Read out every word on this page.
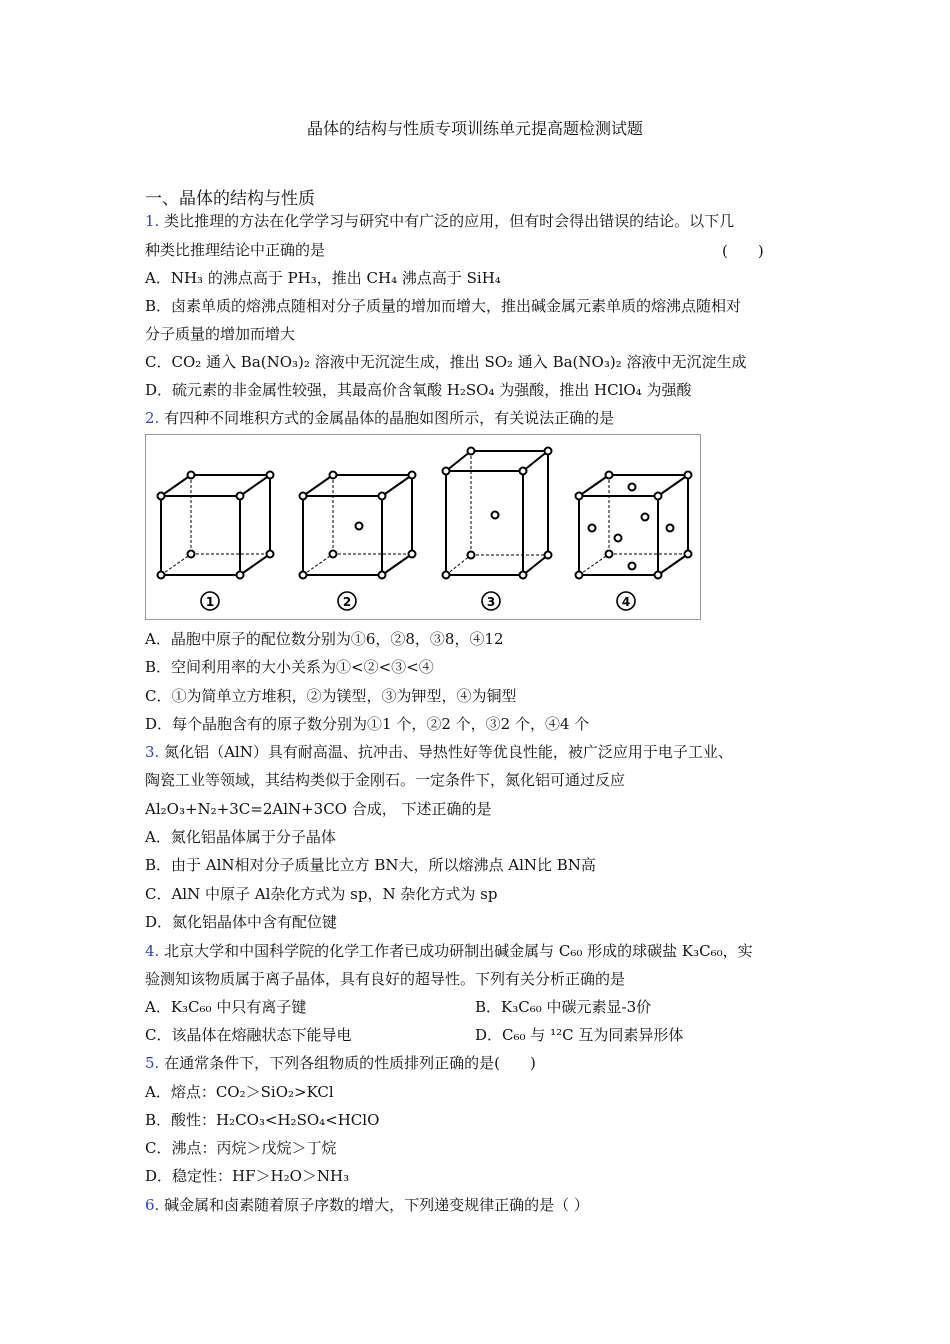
晶体的结构与性质专项训练单元提高题检测试题
一、晶体的结构与性质
1. 类比推理的方法在化学学习与研究中有广泛的应用，但有时会得出错误的结论。以下几
种类比推理结论中正确的是	(　　)
A．NH₃ 的沸点高于 PH₃，推出 CH₄ 沸点高于 SiH₄
B．卤素单质的熔沸点随相对分子质量的增加而增大，推出碱金属元素单质的熔沸点随相对
分子质量的增加而增大
C．CO₂ 通入 Ba(NO₃)₂ 溶液中无沉淀生成，推出 SO₂ 通入 Ba(NO₃)₂ 溶液中无沉淀生成
D．硫元素的非金属性较强，其最高价含氧酸 H₂SO₄ 为强酸，推出 HClO₄ 为强酸
2. 有四种不同堆积方式的金属晶体的晶胞如图所示，有关说法正确的是
1	2	3	4
A．晶胞中原子的配位数分别为①6，②8，③8，④12
B．空间利用率的大小关系为①<②<③<④
C．①为简单立方堆积，②为镁型，③为钾型，④为铜型
D．每个晶胞含有的原子数分别为①1 个，②2 个，③2 个，④4 个
3. 氮化铝（AlN）具有耐高温、抗冲击、导热性好等优良性能，被广泛应用于电子工业、
陶瓷工业等领域，其结构类似于金刚石。一定条件下，氮化铝可通过反应
Al₂O₃+N₂+3C=2AlN+3CO 合成， 下述正确的是
A．氮化铝晶体属于分子晶体
B．由于 AlN相对分子质量比立方 BN大，所以熔沸点 AlN比 BN高
C．AlN 中原子 Al杂化方式为 sp，N 杂化方式为 sp
D．氮化铝晶体中含有配位键
4. 北京大学和中国科学院的化学工作者已成功研制出碱金属与 C₆₀ 形成的球碳盐 K₃C₆₀，实
验测知该物质属于离子晶体，具有良好的超导性。下列有关分析正确的是
A．K₃C₆₀ 中只有离子键	B．K₃C₆₀ 中碳元素显-3价
C．该晶体在熔融状态下能导电	D．C₆₀ 与 ¹²C 互为同素异形体
5. 在通常条件下，下列各组物质的性质排列正确的是(　　)
A．熔点：CO₂＞SiO₂>KCl
B．酸性：H₂CO₃<H₂SO₄<HClO
C．沸点：丙烷＞戊烷＞丁烷
D．稳定性：HF＞H₂O＞NH₃
6. 碱金属和卤素随着原子序数的增大，下列递变规律正确的是（ ）
